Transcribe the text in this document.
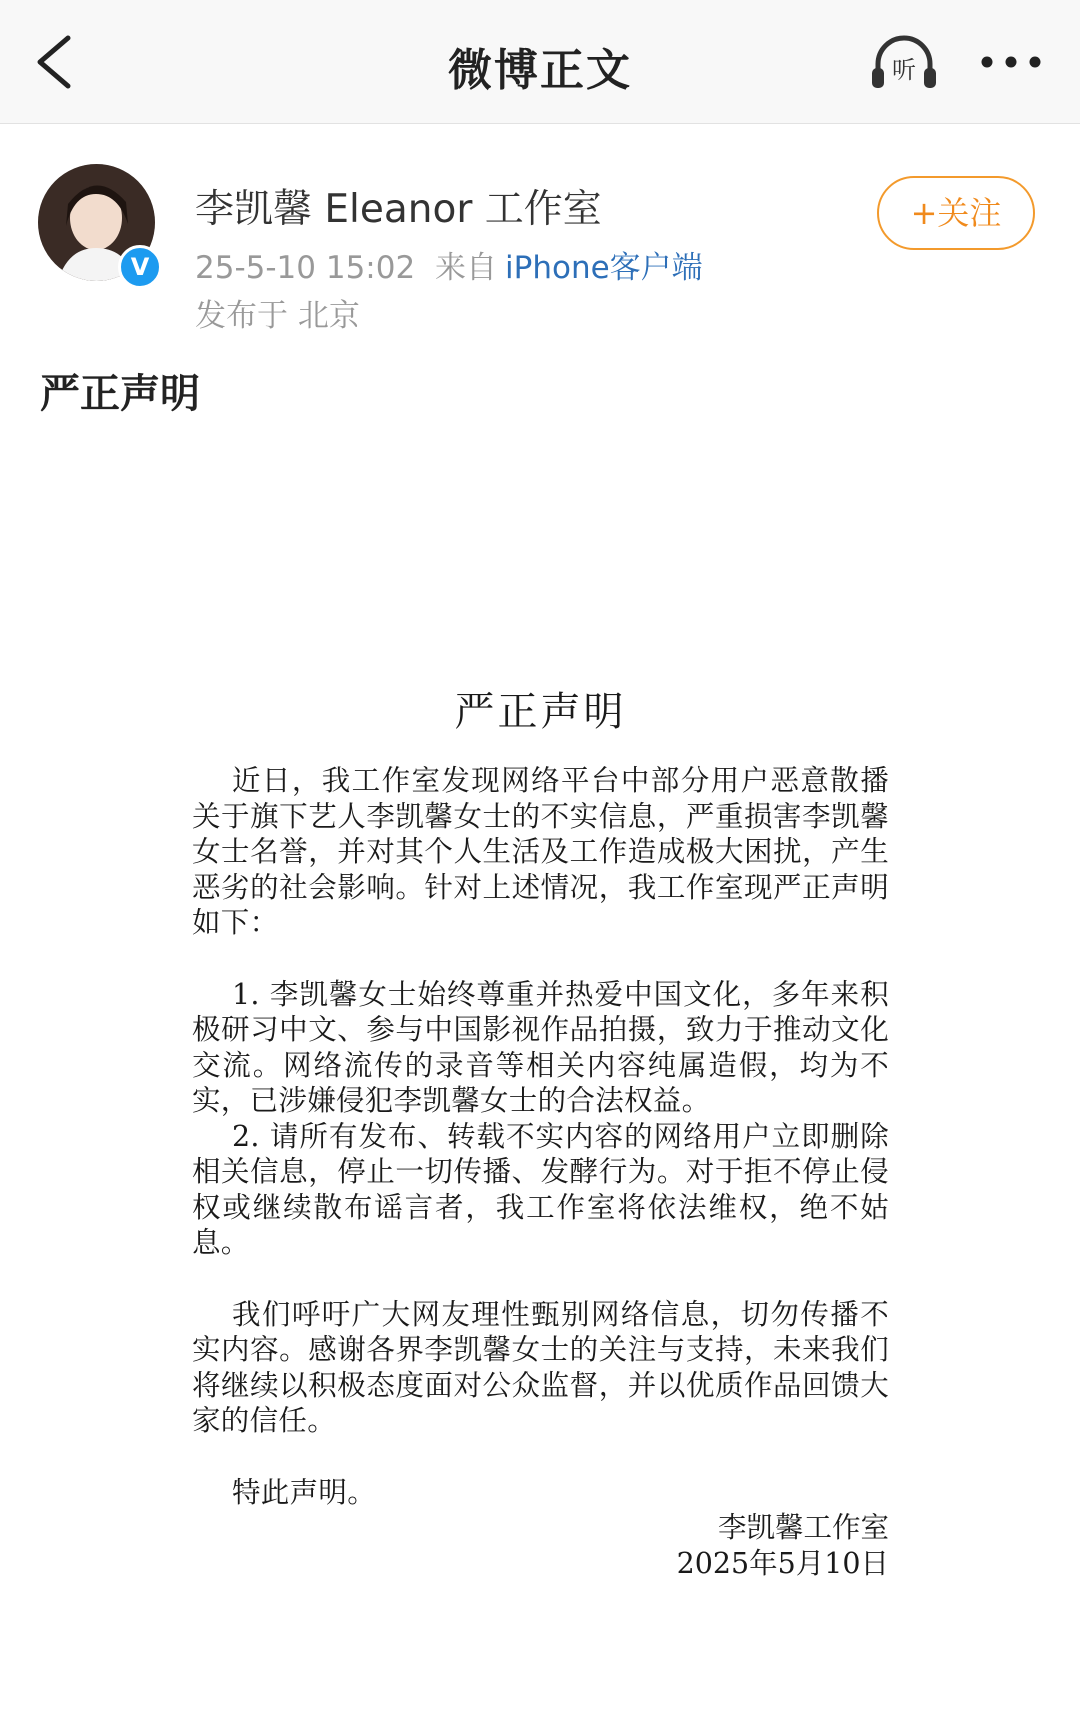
微博正文	听
V
李凯馨 Eleanor 工作室
25-5-10 15:02 来自 iPhone客户端
发布于 北京
+关注
严正声明
严正声明

近日，我工作室发现网络平台中部分用户恶意散播关于旗下艺人李凯馨女士的不实信息，严重损害李凯馨女士名誉，并对其个人生活及工作造成极大困扰，产生恶劣的社会影响。针对上述情况，我工作室现严正声明如下：

1. 李凯馨女士始终尊重并热爱中国文化，多年来积极研习中文、参与中国影视作品拍摄，致力于推动文化交流。网络流传的录音等相关内容纯属造假，均为不实，已涉嫌侵犯李凯馨女士的合法权益。

2. 请所有发布、转载不实内容的网络用户立即删除相关信息，停止一切传播、发酵行为。对于拒不停止侵权或继续散布谣言者，我工作室将依法维权，绝不姑息。

我们呼吁广大网友理性甄别网络信息，切勿传播不实内容。感谢各界李凯馨女士的关注与支持，未来我们将继续以积极态度面对公众监督，并以优质作品回馈大家的信任。

特此声明。

李凯馨工作室

2025年5月10日
